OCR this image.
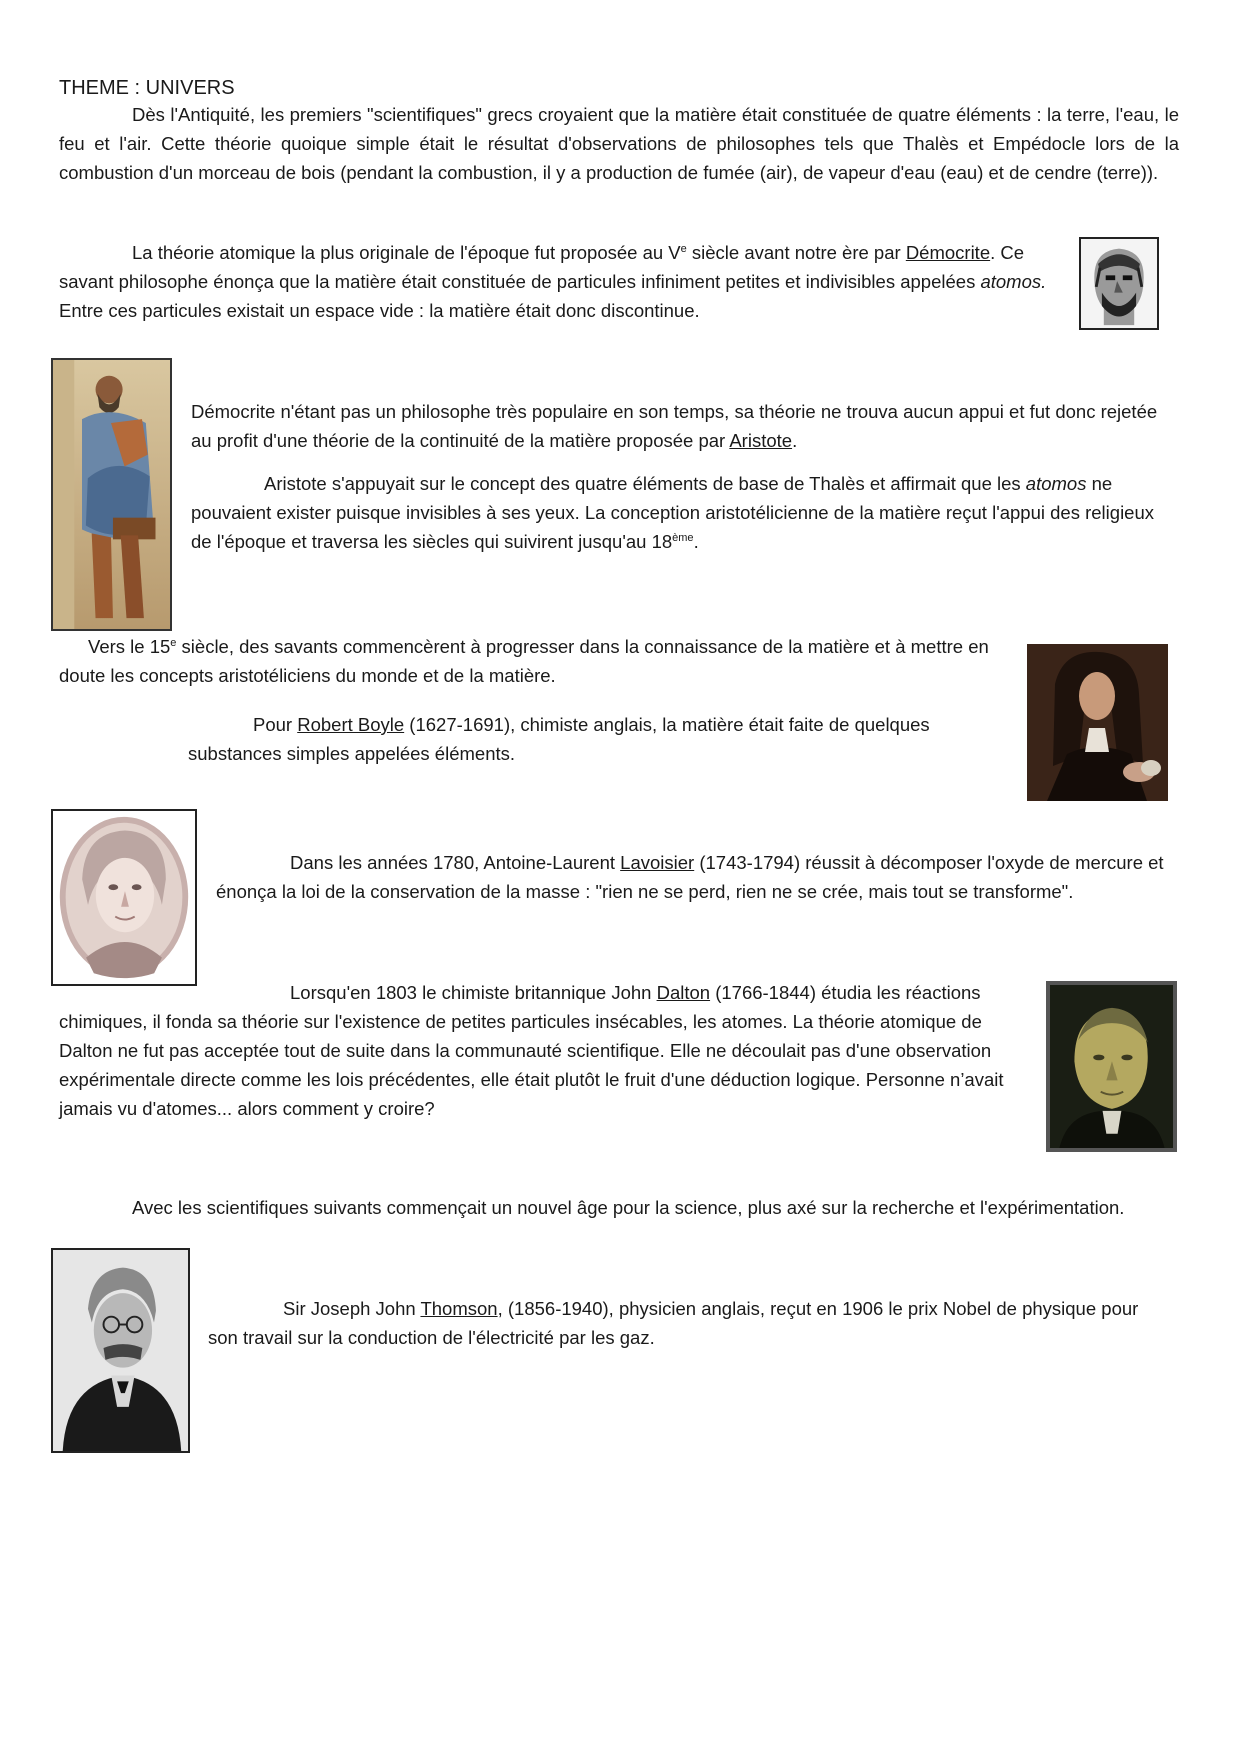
THEME : UNIVERS

Dès l'Antiquité, les premiers "scientifiques" grecs croyaient que la matière était constituée de quatre éléments : la terre, l'eau, le feu et l'air. Cette théorie quoique simple était le résultat d'observations de philosophes tels que Thalès et Empédocle lors de la combustion d'un morceau de bois (pendant la combustion, il y a production de fumée (air), de vapeur d'eau (eau) et de cendre (terre)).

La théorie atomique la plus originale de l'époque fut proposée au Ve siècle avant notre ère par Démocrite. Ce savant philosophe énonça que la matière était constituée de particules infiniment petites et indivisibles appelées atomos. Entre ces particules existait un espace vide : la matière était donc discontinue.

Démocrite n'étant pas un philosophe très populaire en son temps, sa théorie ne trouva aucun appui et fut donc rejetée au profit d'une théorie de la continuité de la matière proposée par Aristote.

Aristote s'appuyait sur le concept des quatre éléments de base de Thalès et affirmait que les atomos ne pouvaient exister puisque invisibles à ses yeux. La conception aristotélicienne de la matière reçut l'appui des religieux de l'époque et traversa les siècles qui suivirent jusqu'au 18ème.

Vers le 15e siècle, des savants commencèrent à progresser dans la connaissance de la matière et à mettre en doute les concepts aristotéliciens du monde et de la matière.

Pour Robert Boyle (1627-1691), chimiste anglais, la matière était faite de quelques substances simples appelées éléments.

Dans les années 1780, Antoine-Laurent Lavoisier (1743-1794) réussit à décomposer l'oxyde de mercure et énonça la loi de la conservation de la masse : "rien ne se perd, rien ne se crée, mais tout se transforme".

Lorsqu'en 1803 le chimiste britannique John Dalton (1766-1844) étudia les réactions chimiques, il fonda sa théorie sur l'existence de petites particules insécables, les atomes. La théorie atomique de Dalton ne fut pas acceptée tout de suite dans la communauté scientifique. Elle ne découlait pas d'une observation expérimentale directe comme les lois précédentes, elle était plutôt le fruit d'une déduction logique. Personne n’avait jamais vu d'atomes... alors comment y croire?

Avec les scientifiques suivants commençait un nouvel âge pour la science, plus axé sur la recherche et l'expérimentation.

Sir Joseph John Thomson, (1856-1940), physicien anglais, reçut en 1906 le prix Nobel de physique pour son travail sur la conduction de l'électricité par les gaz.
